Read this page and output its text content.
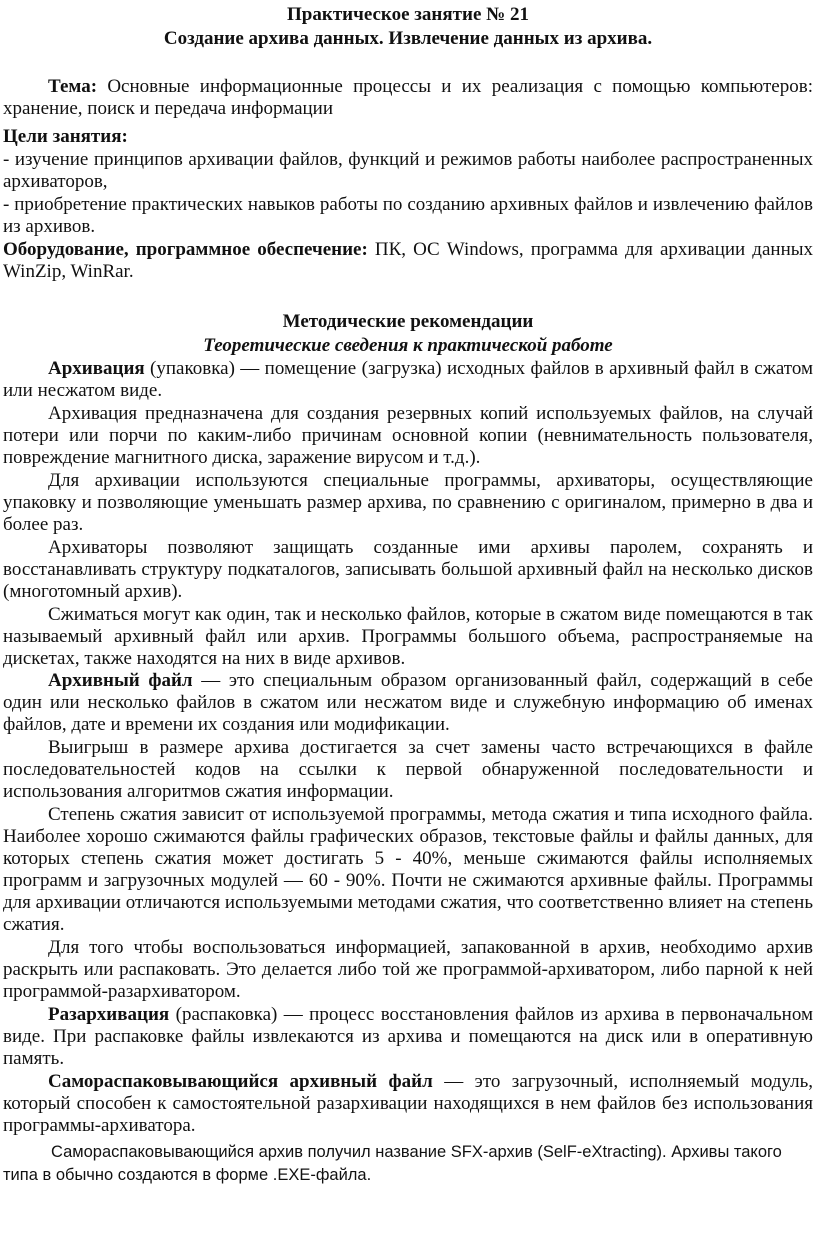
Практическое занятие № 21
Создание архива данных. Извлечение данных из архива.

Тема: Основные информационные процессы и их реализация с помощью компьютеров: хранение, поиск и передача информации

Цели занятия:

- изучение принципов архивации файлов, функций и режимов работы наиболее распространенных архиваторов,

- приобретение практических навыков работы по созданию архивных файлов и извлечению файлов из архивов.

Оборудование, программное обеспечение: ПК, ОС Windows, программа для архивации данных WinZip, WinRar.

Методические рекомендации
Теоретические сведения к практической работе

Архивация (упаковка) — помещение (загрузка) исходных файлов в архивный файл в сжатом или несжатом виде.

Архивация предназначена для создания резервных копий используемых файлов, на случай потери или порчи по каким-либо причинам основной копии (невнимательность пользователя, повреждение магнитного диска, заражение вирусом и т.д.).

Для архивации используются специальные программы, архиваторы, осуществляющие упаковку и позволяющие уменьшать размер архива, по сравнению с оригиналом, примерно в два и более раз.

Архиваторы позволяют защищать созданные ими архивы паролем, сохранять и восстанавливать структуру подкаталогов, записывать большой архивный файл на несколько дисков (многотомный архив).

Сжиматься могут как один, так и несколько файлов, которые в сжатом виде помещаются в так называемый архивный файл или архив. Программы большого объема, распространяемые на дискетах, также находятся на них в виде архивов.

Архивный файл — это специальным образом организованный файл, содержащий в себе один или несколько файлов в сжатом или несжатом виде и служебную информацию об именах файлов, дате и времени их создания или модификации.

Выигрыш в размере архива достигается за счет замены часто встречающихся в файле последовательностей кодов на ссылки к первой обнаруженной последовательности и использования алгоритмов сжатия информации.

Степень сжатия зависит от используемой программы, метода сжатия и типа исходного файла. Наиболее хорошо сжимаются файлы графических образов, текстовые файлы и файлы данных, для которых степень сжатия может достигать 5 - 40%, меньше сжимаются файлы исполняемых программ и загрузочных модулей — 60 - 90%. Почти не сжимаются архивные файлы. Программы для архивации отличаются используемыми методами сжатия, что соответственно влияет на степень сжатия.

Для того чтобы воспользоваться информацией, запакованной в архив, необходимо архив раскрыть или распаковать. Это делается либо той же программой-архиватором, либо парной к ней программой-разархиватором.

Разархивация (распаковка) — процесс восстановления файлов из архива в первоначальном виде. При распаковке файлы извлекаются из архива и помещаются на диск или в оперативную память.

Самораспаковывающийся архивный файл — это загрузочный, исполняемый модуль, который способен к самостоятельной разархивации находящихся в нем файлов без использования программы-архиватора.

Самораспаковывающийся архив получил название SFX-архив (SelF-eXtracting). Архивы такого типа в обычно создаются в форме .EXE-файла.
